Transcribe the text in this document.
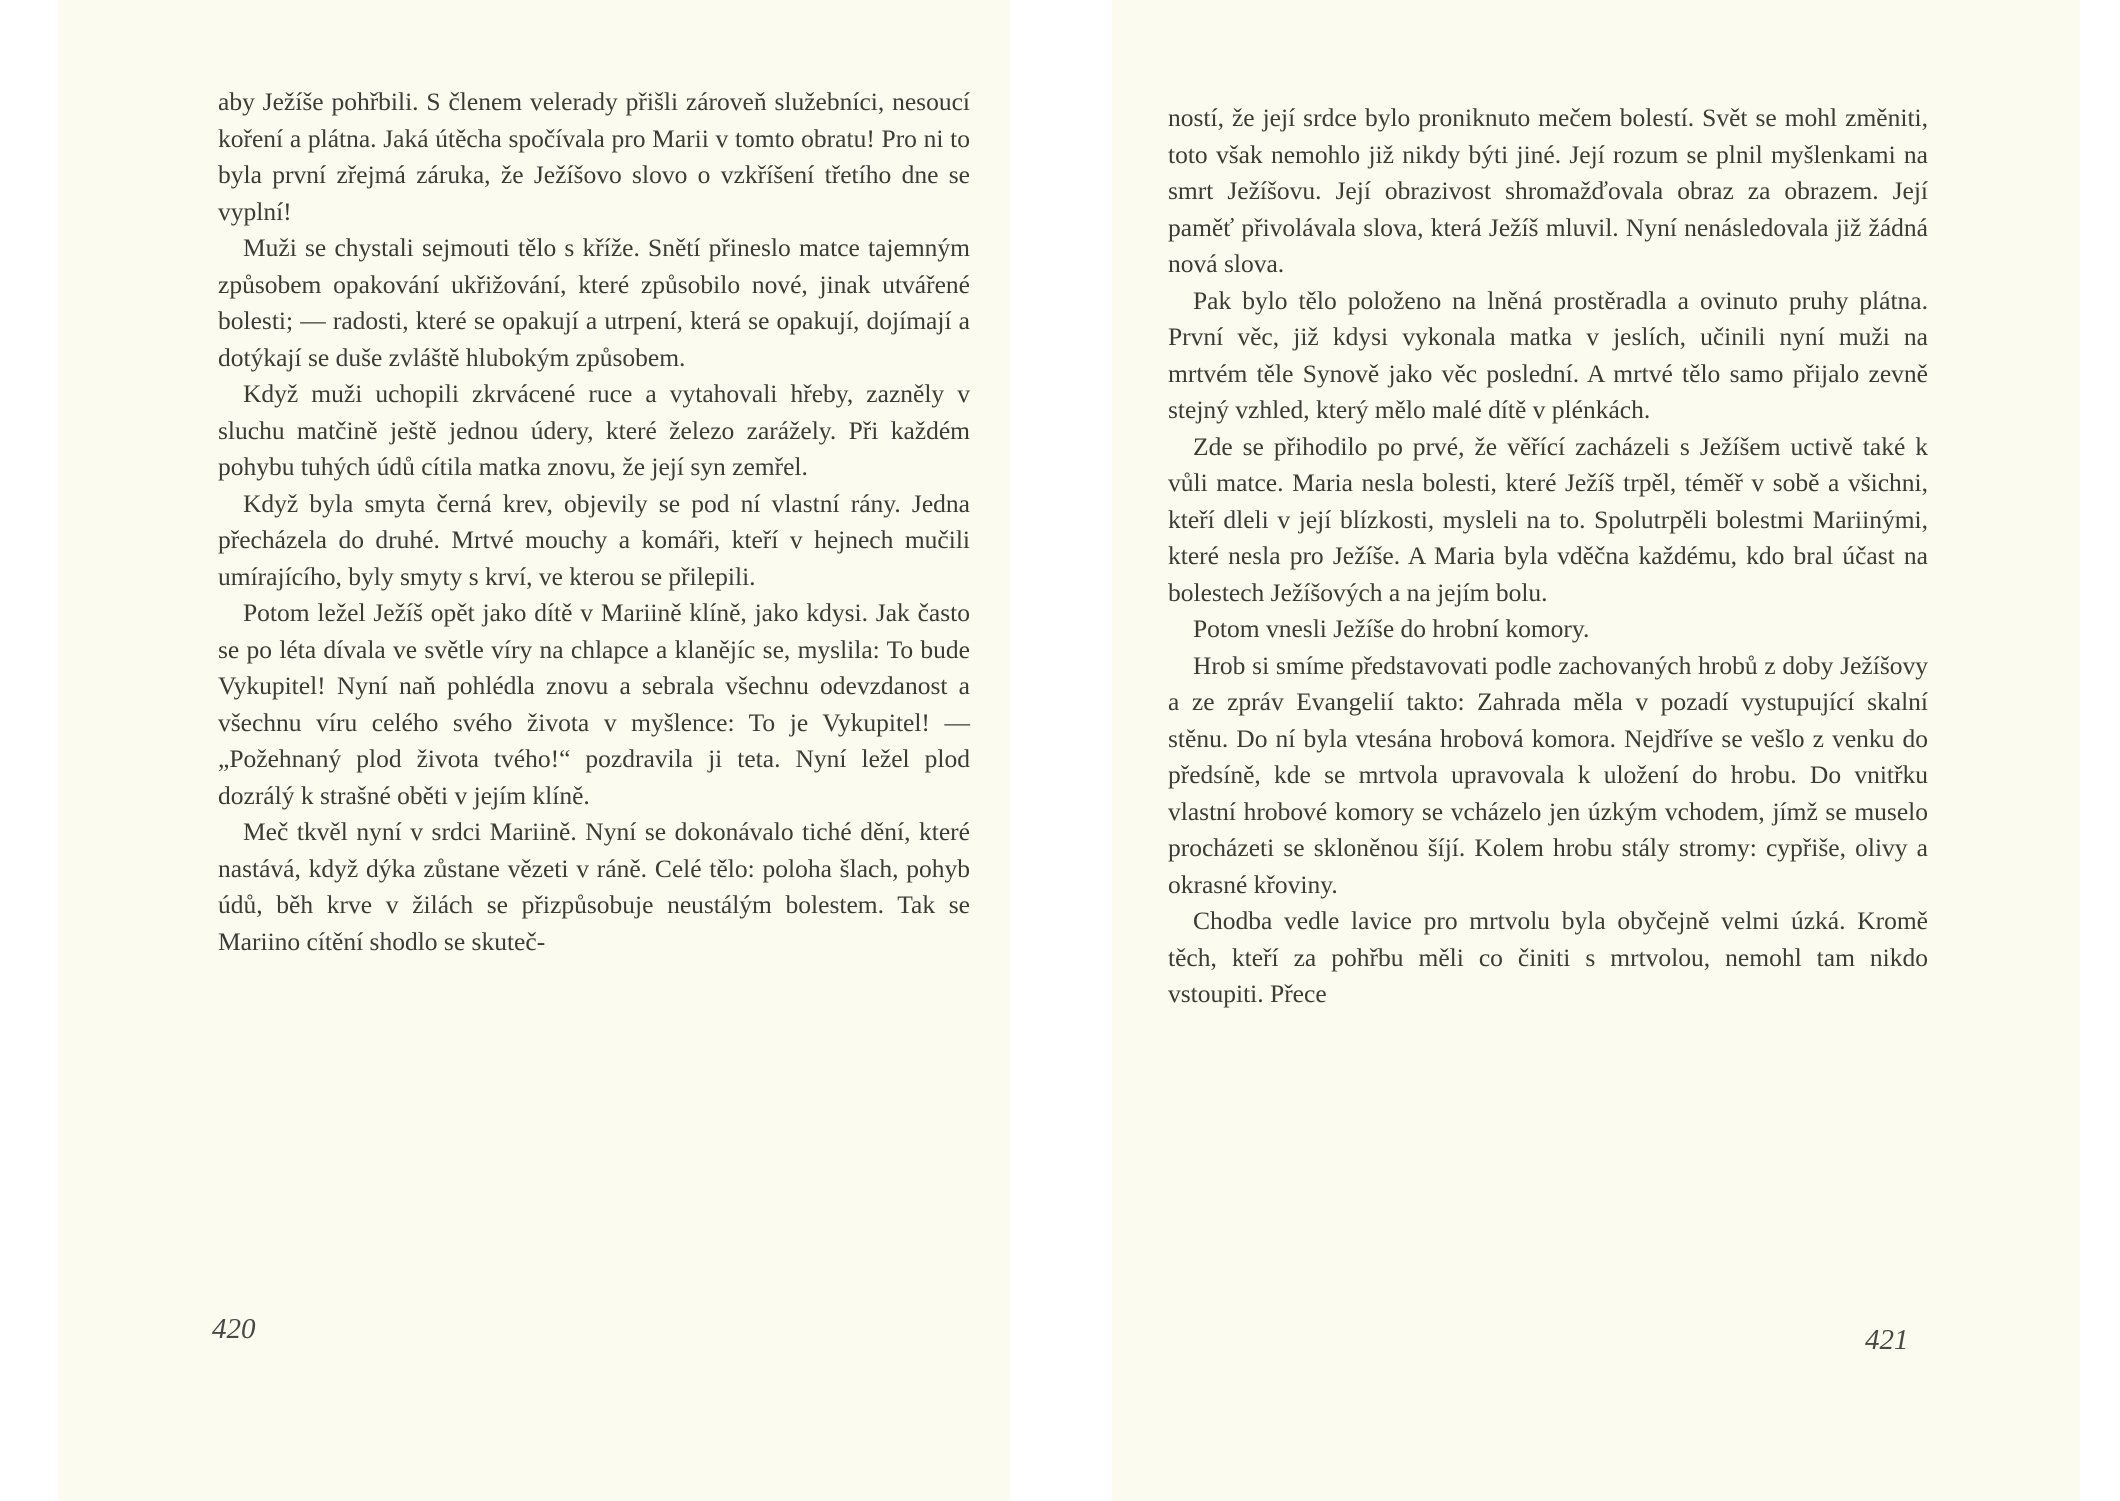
aby Ježíše pohřbili. S členem velerady přišli zároveň služebníci, nesoucí koření a plátna. Jaká útěcha spočívala pro Marii v tomto obratu! Pro ni to byla první zřejmá záruka, že Ježíšovo slovo o vzkříšení třetího dne se vyplní!

Muži se chystali sejmouti tělo s kříže. Snětí přineslo matce tajemným způsobem opakování ukřižování, které způsobilo nové, jinak utvářené bolesti; — radosti, které se opakují a utrpení, která se opakují, dojímají a dotýkají se duše zvláště hlubokým způsobem.

Když muži uchopili zkrvácené ruce a vytahovali hřeby, zazněly v sluchu matčině ještě jednou údery, které železo zarážely. Při každém pohybu tuhých údů cítila matka znovu, že její syn zemřel.

Když byla smyta černá krev, objevily se pod ní vlastní rány. Jedna přecházela do druhé. Mrtvé mouchy a komáři, kteří v hejnech mučili umírajícího, byly smyty s krví, ve kterou se přilepili.

Potom ležel Ježíš opět jako dítě v Mariině klíně, jako kdysi. Jak často se po léta dívala ve světle víry na chlapce a klanějíc se, myslila: To bude Vykupitel! Nyní naň pohlédla znovu a sebrala všechnu odevzdanost a všechnu víru celého svého života v myšlence: To je Vykupitel! — „Požehnaný plod života tvého!“ pozdravila ji teta. Nyní ležel plod dozrálý k strašné oběti v jejím klíně.

Meč tkvěl nyní v srdci Mariině. Nyní se dokonávalo tiché dění, které nastává, když dýka zůstane vězeti v ráně. Celé tělo: poloha šlach, pohyb údů, běh krve v žilách se přizpůsobuje neustálým bolestem. Tak se Mariino cítění shodlo se skuteč-

420

ností, že její srdce bylo proniknuto mečem bolestí. Svět se mohl změniti, toto však nemohlo již nikdy býti jiné. Její rozum se plnil myšlenkami na smrt Ježíšovu. Její obrazivost shromažďovala obraz za obrazem. Její paměť přivolávala slova, která Ježíš mluvil. Nyní nenásledovala již žádná nová slova.

Pak bylo tělo položeno na lněná prostěradla a ovinuto pruhy plátna. První věc, již kdysi vykonala matka v jeslích, učinili nyní muži na mrtvém těle Synově jako věc poslední. A mrtvé tělo samo přijalo zevně stejný vzhled, který mělo malé dítě v plénkách.

Zde se přihodilo po prvé, že věřící zacházeli s Ježíšem uctivě také k vůli matce. Maria nesla bolesti, které Ježíš trpěl, téměř v sobě a všichni, kteří dleli v její blízkosti, mysleli na to. Spolutrpěli bolestmi Mariinými, které nesla pro Ježíše. A Maria byla vděčna každému, kdo bral účast na bolestech Ježíšových a na jejím bolu.

Potom vnesli Ježíše do hrobní komory.

Hrob si smíme představovati podle zachovaných hrobů z doby Ježíšovy a ze zpráv Evangelií takto: Zahrada měla v pozadí vystupující skalní stěnu. Do ní byla vtesána hrobová komora. Nejdříve se vešlo z venku do předsíně, kde se mrtvola upravovala k uložení do hrobu. Do vnitřku vlastní hrobové komory se vcházelo jen úzkým vchodem, jímž se muselo procházeti se skloněnou šíjí. Kolem hrobu stály stromy: cypřiše, olivy a okrasné křoviny.

Chodba vedle lavice pro mrtvolu byla obyčejně velmi úzká. Kromě těch, kteří za pohřbu měli co činiti s mrtvolou, nemohl tam nikdo vstoupiti. Přece

421
